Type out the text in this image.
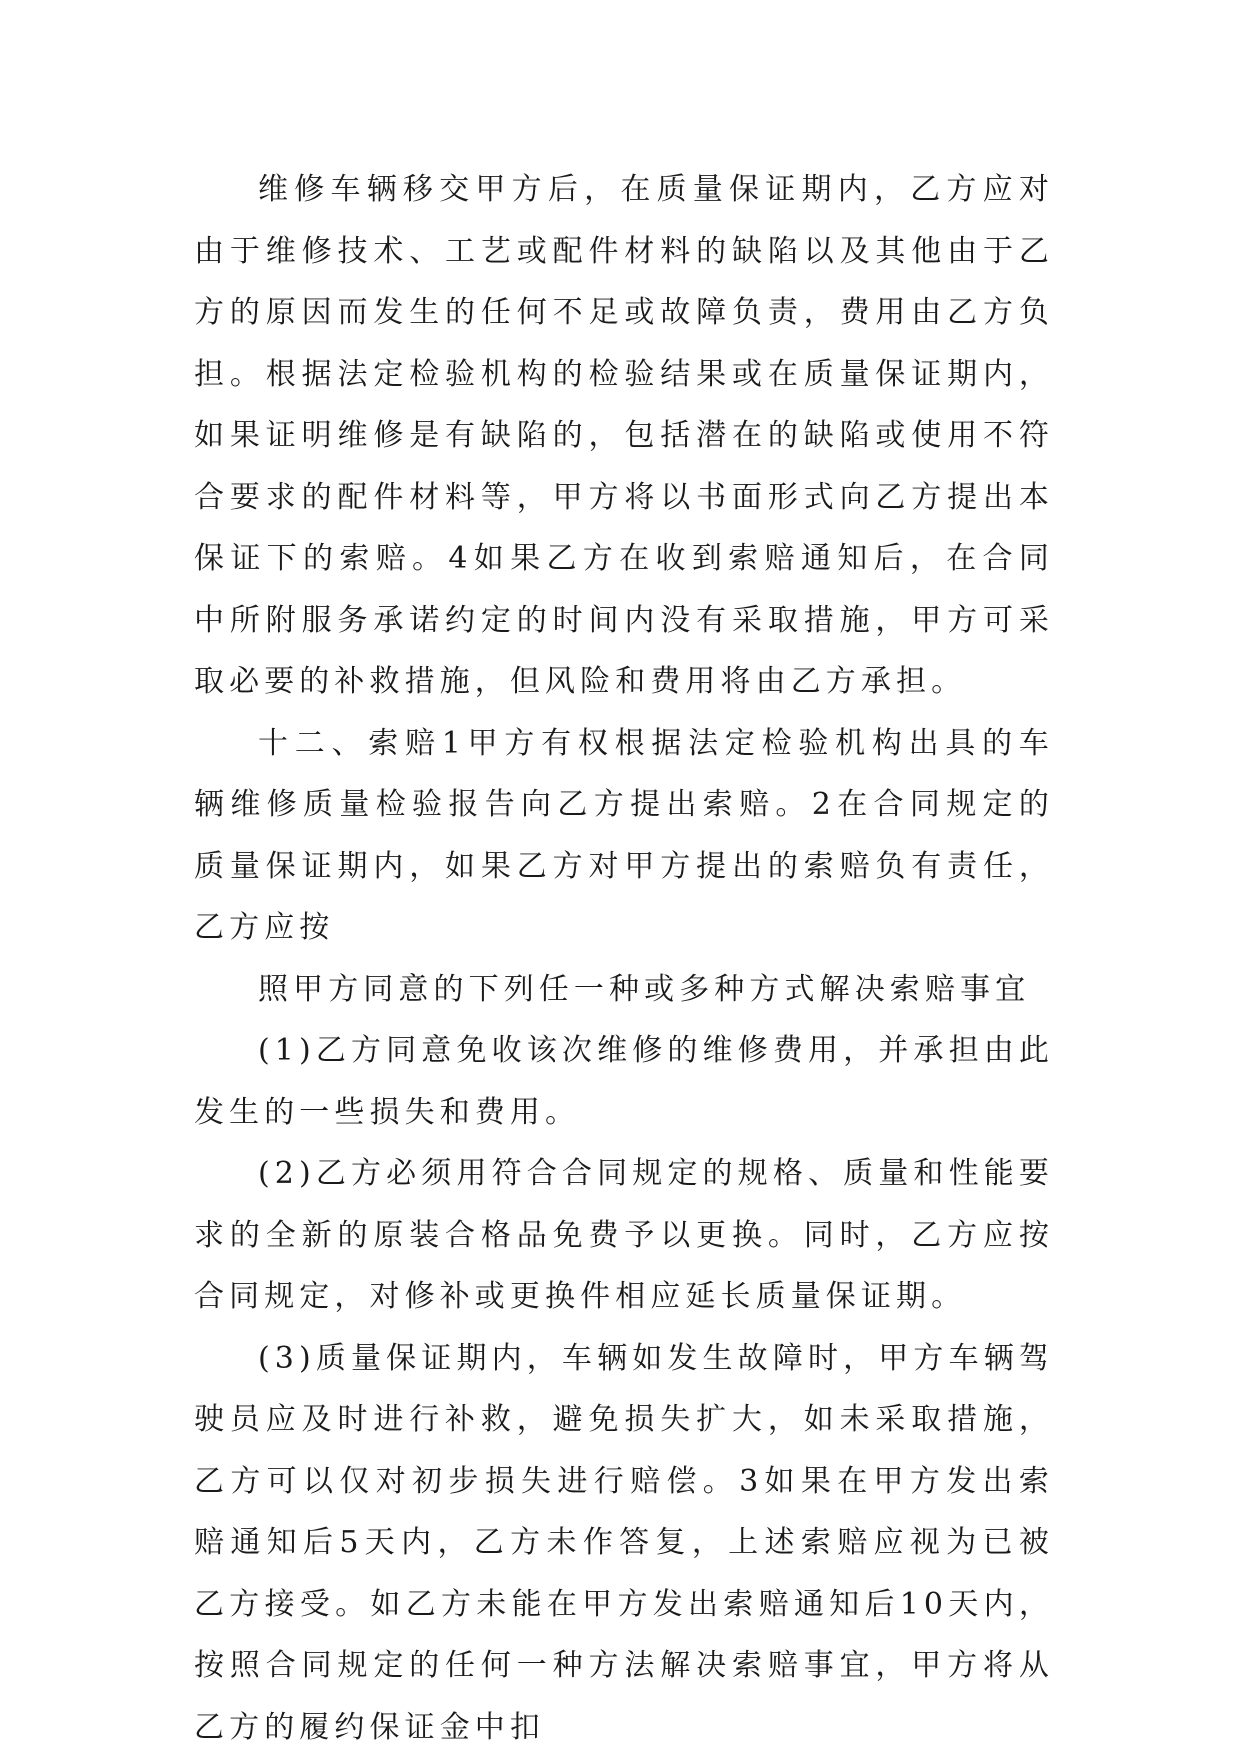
维修车辆移交甲方后，在质量保证期内，乙方应对由于维修技术、工艺或配件材料的缺陷以及其他由于乙方的原因而发生的任何不足或故障负责，费用由乙方负担。根据法定检验机构的检验结果或在质量保证期内，如果证明维修是有缺陷的，包括潜在的缺陷或使用不符合要求的配件材料等，甲方将以书面形式向乙方提出本保证下的索赔。4如果乙方在收到索赔通知后，在合同中所附服务承诺约定的时间内没有采取措施，甲方可采取必要的补救措施，但风险和费用将由乙方承担。

十二、索赔1甲方有权根据法定检验机构出具的车辆维修质量检验报告向乙方提出索赔。2在合同规定的质量保证期内，如果乙方对甲方提出的索赔负有责任，乙方应按

照甲方同意的下列任一种或多种方式解决索赔事宜

(1)乙方同意免收该次维修的维修费用，并承担由此发生的一些损失和费用。

(2)乙方必须用符合合同规定的规格、质量和性能要求的全新的原装合格品免费予以更换。同时，乙方应按合同规定，对修补或更换件相应延长质量保证期。

(3)质量保证期内，车辆如发生故障时，甲方车辆驾驶员应及时进行补救，避免损失扩大，如未采取措施，乙方可以仅对初步损失进行赔偿。3如果在甲方发出索赔通知后5天内，乙方未作答复，上述索赔应视为已被乙方接受。如乙方未能在甲方发出索赔通知后10天内，按照合同规定的任何一种方法解决索赔事宜，甲方将从乙方的履约保证金中扣
